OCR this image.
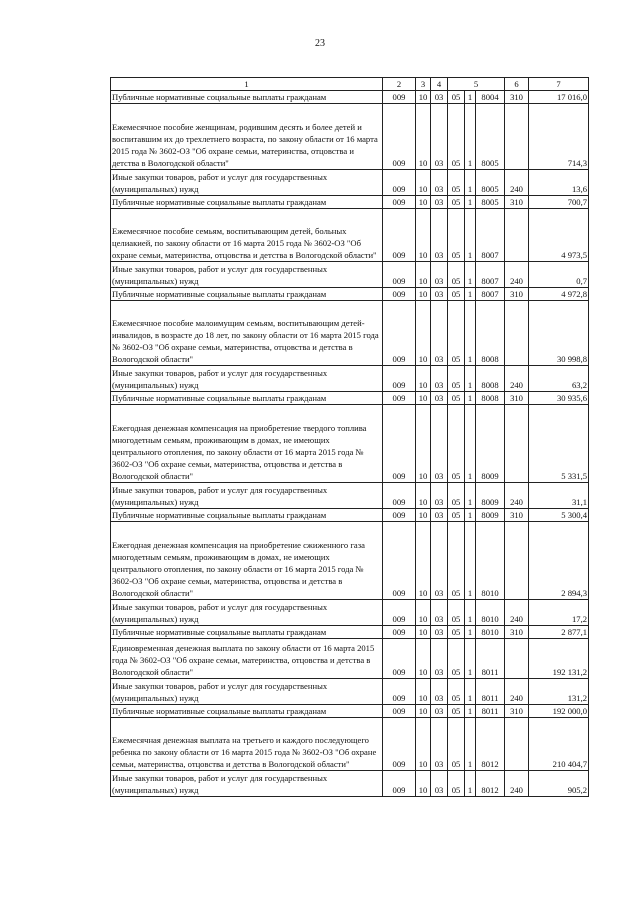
23
1	2	3	4	5			6	7
Публичные нормативные социальные выплаты гражданам	009	10	03	05	1	8004	310	17 016,0
Ежемесячное пособие женщинам, родившим десять и более детей и воспитавшим их до трехлетнего возраста, по закону области от 16 марта 2015 года № 3602-ОЗ "Об охране семьи, материнства, отцовства и детства в Вологодской области"	009	10	03	05	1	8005		714,3
Иные закупки товаров, работ и услуг для государственных (муниципальных) нужд	009	10	03	05	1	8005	240	13,6
Публичные нормативные социальные выплаты гражданам	009	10	03	05	1	8005	310	700,7
Ежемесячное пособие семьям, воспитывающим детей, больных целиакией, по закону области от 16 марта 2015 года № 3602-ОЗ "Об охране семьи, материнства, отцовства и детства в Вологодской области"	009	10	03	05	1	8007		4 973,5
Иные закупки товаров, работ и услуг для государственных (муниципальных) нужд	009	10	03	05	1	8007	240	0,7
Публичные нормативные социальные выплаты гражданам	009	10	03	05	1	8007	310	4 972,8
Ежемесячное пособие малоимущим семьям, воспитывающим детей-инвалидов, в возрасте до 18 лет, по закону области от 16 марта 2015 года № 3602-ОЗ "Об охране семьи, материнства, отцовства и детства в Вологодской области"	009	10	03	05	1	8008		30 998,8
Иные закупки товаров, работ и услуг для государственных (муниципальных) нужд	009	10	03	05	1	8008	240	63,2
Публичные нормативные социальные выплаты гражданам	009	10	03	05	1	8008	310	30 935,6
Ежегодная денежная компенсация на приобретение твердого топлива многодетным семьям, проживающим в домах, не имеющих центрального отопления, по закону области от 16 марта 2015 года № 3602-ОЗ "Об охране семьи, материнства, отцовства и детства в Вологодской области"	009	10	03	05	1	8009		5 331,5
Иные закупки товаров, работ и услуг для государственных (муниципальных) нужд	009	10	03	05	1	8009	240	31,1
Публичные нормативные социальные выплаты гражданам	009	10	03	05	1	8009	310	5 300,4
Ежегодная денежная компенсация на приобретение сжиженного газа многодетным семьям, проживающим в домах, не имеющих центрального отопления, по закону области от 16 марта 2015 года № 3602-ОЗ "Об охране семьи, материнства, отцовства и детства в Вологодской области"	009	10	03	05	1	8010		2 894,3
Иные закупки товаров, работ и услуг для государственных (муниципальных) нужд	009	10	03	05	1	8010	240	17,2
Публичные нормативные социальные выплаты гражданам	009	10	03	05	1	8010	310	2 877,1
Единовременная денежная выплата по закону области от 16 марта 2015 года № 3602-ОЗ "Об охране семьи, материнства, отцовства и детства в Вологодской области"	009	10	03	05	1	8011		192 131,2
Иные закупки товаров, работ и услуг для государственных (муниципальных) нужд	009	10	03	05	1	8011	240	131,2
Публичные нормативные социальные выплаты гражданам	009	10	03	05	1	8011	310	192 000,0
Ежемесячная денежная выплата на третьего и каждого последующего ребенка по закону области от 16 марта 2015 года № 3602-ОЗ "Об охране семьи, материнства, отцовства и детства в Вологодской области"	009	10	03	05	1	8012		210 404,7
Иные закупки товаров, работ и услуг для государственных (муниципальных) нужд	009	10	03	05	1	8012	240	905,2
